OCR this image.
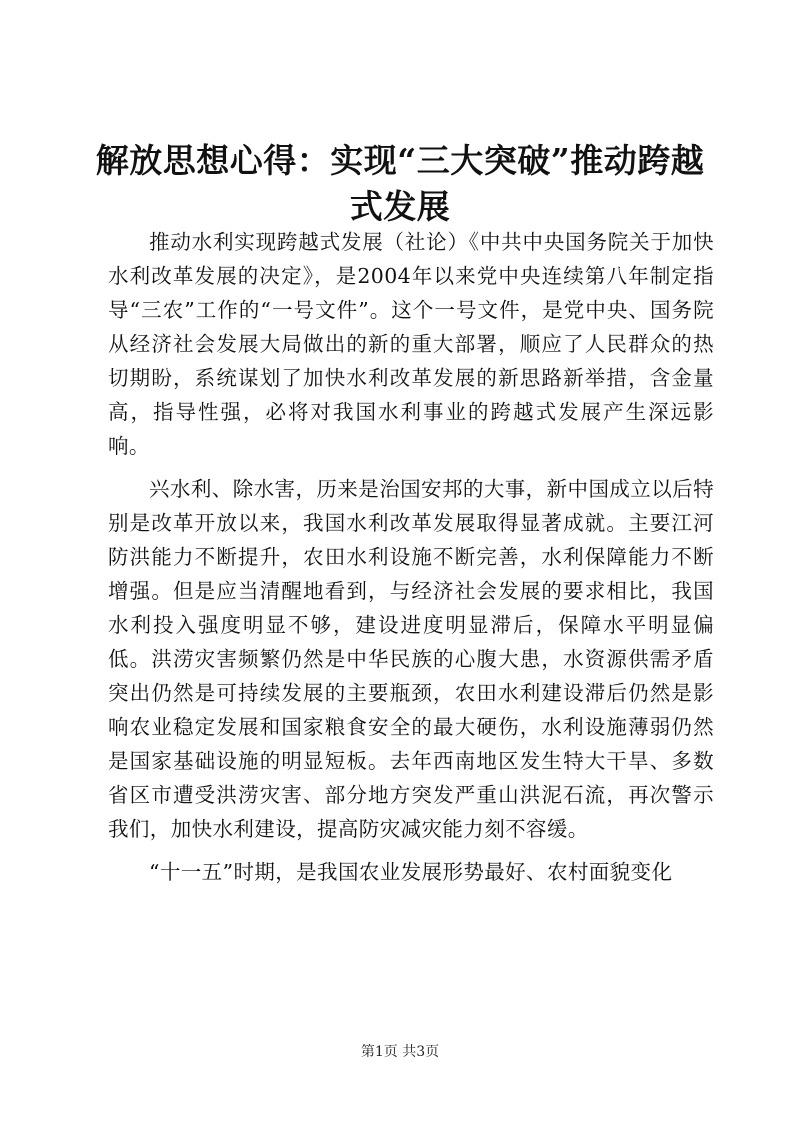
解放思想心得：实现“三大突破”推动跨越式发展

推动水利实现跨越式发展（社论）《中共中央国务院关于加快水利改革发展的决定》，是2004年以来党中央连续第八年制定指导“三农”工作的“一号文件”。这个一号文件，是党中央、国务院从经济社会发展大局做出的新的重大部署，顺应了人民群众的热切期盼，系统谋划了加快水利改革发展的新思路新举措，含金量高，指导性强，必将对我国水利事业的跨越式发展产生深远影响。

兴水利、除水害，历来是治国安邦的大事，新中国成立以后特别是改革开放以来，我国水利改革发展取得显著成就。主要江河防洪能力不断提升，农田水利设施不断完善，水利保障能力不断增强。但是应当清醒地看到，与经济社会发展的要求相比，我国水利投入强度明显不够，建设进度明显滞后，保障水平明显偏低。洪涝灾害频繁仍然是中华民族的心腹大患，水资源供需矛盾突出仍然是可持续发展的主要瓶颈，农田水利建设滞后仍然是影响农业稳定发展和国家粮食安全的最大硬伤，水利设施薄弱仍然是国家基础设施的明显短板。去年西南地区发生特大干旱、多数省区市遭受洪涝灾害、部分地方突发严重山洪泥石流，再次警示我们，加快水利建设，提高防灾减灾能力刻不容缓。

“十一五”时期，是我国农业发展形势最好、农村面貌变化

第1页 共3页
